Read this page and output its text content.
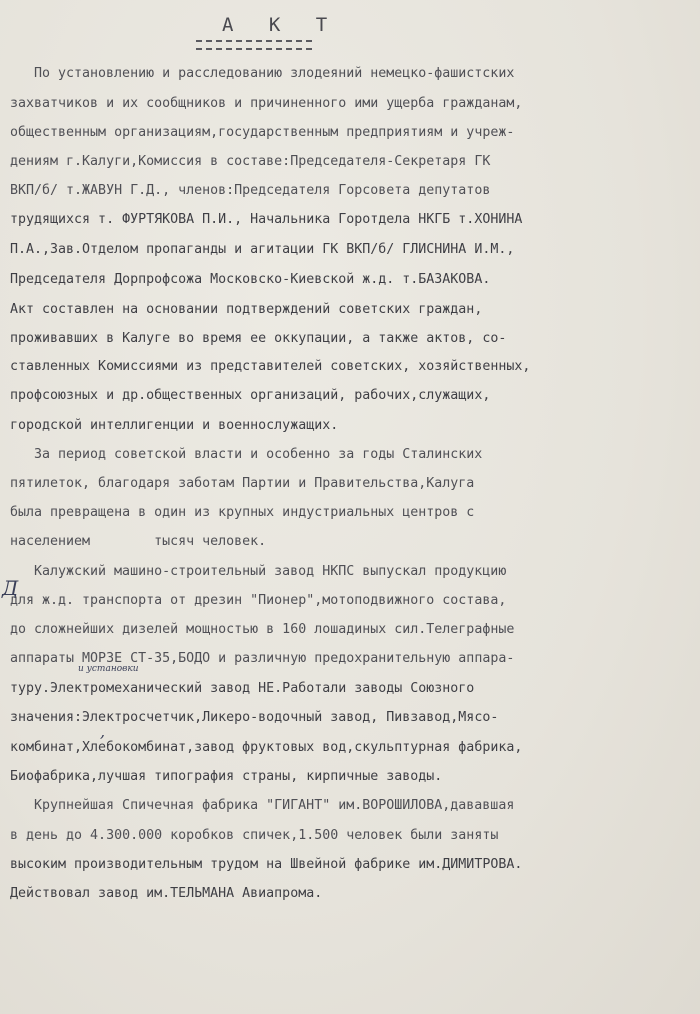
А К Т
По установлению и расследованию злодеяний немецко-фашистских
захватчиков и их сообщников и причиненного ими ущерба гражданам,
общественным организациям,государственным предприятиям и учреж-
дениям г.Калуги,Комиссия в составе:Председателя-Секретаря ГК
ВКП/б/ т.ЖАВУН Г.Д., членов:Председателя Горсовета депутатов
трудящихся т. ФУРТЯКОВА П.И., Начальника Горотдела НКГБ т.ХОНИНА
П.А.,Зав.Отделом пропаганды и агитации ГК ВКП/б/ ГЛИСНИНА И.М.,
Председателя Дорпрофсожа Московско-Киевской ж.д. т.БАЗАКОВА.
Акт составлен на основании подтверждений советских граждан,
проживавших в Калуге во время ее оккупации, а также актов, со-
ставленных Комиссиями из представителей советских, хозяйственных,
профсоюзных и др.общественных организаций, рабочих,служащих,
городской интеллигенции и военнослужащих.
За период советской власти и особенно за годы Сталинских
пятилеток, благодаря заботам Партии и Правительства,Калуга
была превращена в один из крупных индустриальных центров с
населением        тысяч человек.
Калужский машино-строительный завод НКПС выпускал продукцию
для ж.д. транспорта от дрезин "Пионер",мотоподвижного состава,
до сложнейших дизелей мощностью в 160 лошадиных сил.Телеграфные
аппараты МОРЗЕ СТ-35,БОДО и различную предохранительную аппара-
туру.Электромеханический завод НЕ.Работали заводы Союзного
значения:Электросчетчик,Ликеро-водочный завод, Пивзавод,Мясо-
комбинат,Хлебокомбинат,завод фруктовых вод,скульптурная фабрика,
Биофабрика,лучшая типография страны, кирпичные заводы.
Крупнейшая Спичечная фабрика "ГИГАНТ" им.ВОРОШИЛОВА,дававшая
в день до 4.300.000 коробков спичек,1.500 человек были заняты
высоким производительным трудом на Швейной фабрике им.ДИМИТРОВА.
Действовал завод им.ТЕЛЬМАНА Авиапрома.
Д
и установки
,
